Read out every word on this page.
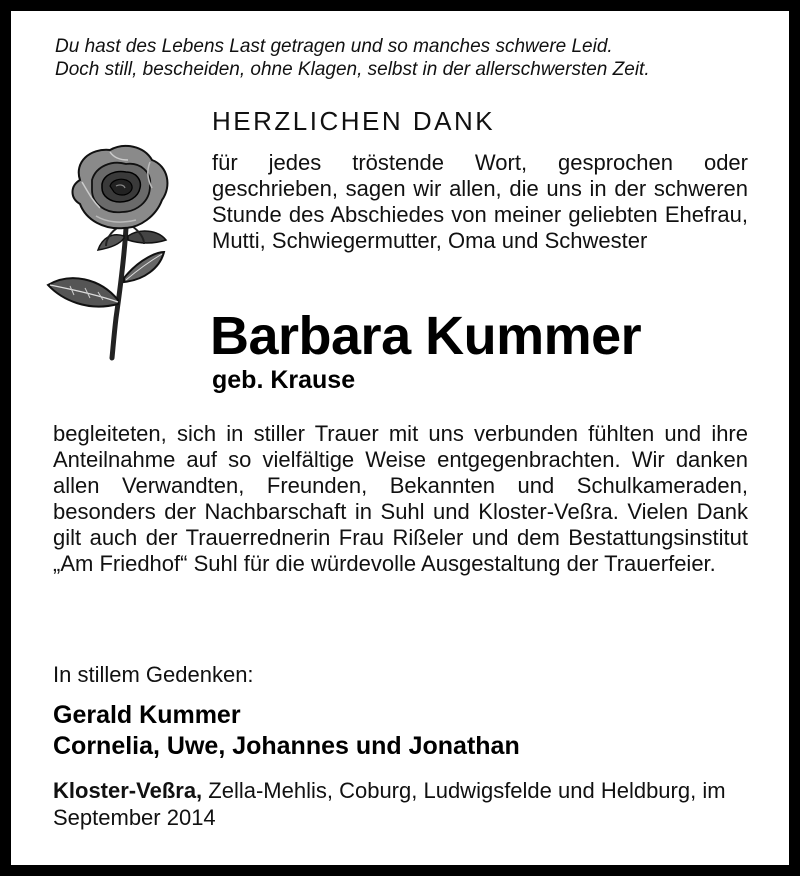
Du hast des Lebens Last getragen und so manches schwere Leid.
Doch still, bescheiden, ohne Klagen, selbst in der allerschwersten Zeit.
HERZLICHEN DANK

für jedes tröstende Wort, gesprochen oder geschrieben, sagen wir allen, die uns in der schweren Stunde des Abschiedes von meiner geliebten Ehefrau, Mutti, Schwiegermutter, Oma und Schwester

Barbara Kummer
geb. Krause

begleiteten, sich in stiller Trauer mit uns verbunden fühlten und ihre Anteilnahme auf so vielfältige Weise entgegenbrachten. Wir danken allen Verwandten, Freunden, Bekannten und Schulkameraden, besonders der Nachbarschaft in Suhl und Kloster-Veßra. Vielen Dank gilt auch der Trauerrednerin Frau Rißeler und dem Bestattungsinstitut „Am Friedhof“ Suhl für die würdevolle Ausgestaltung der Trauerfeier.

In stillem Gedenken:
Gerald Kummer
Cornelia, Uwe, Johannes und Jonathan

Kloster-Veßra, Zella-Mehlis, Coburg, Ludwigsfelde und Heldburg, im September 2014
